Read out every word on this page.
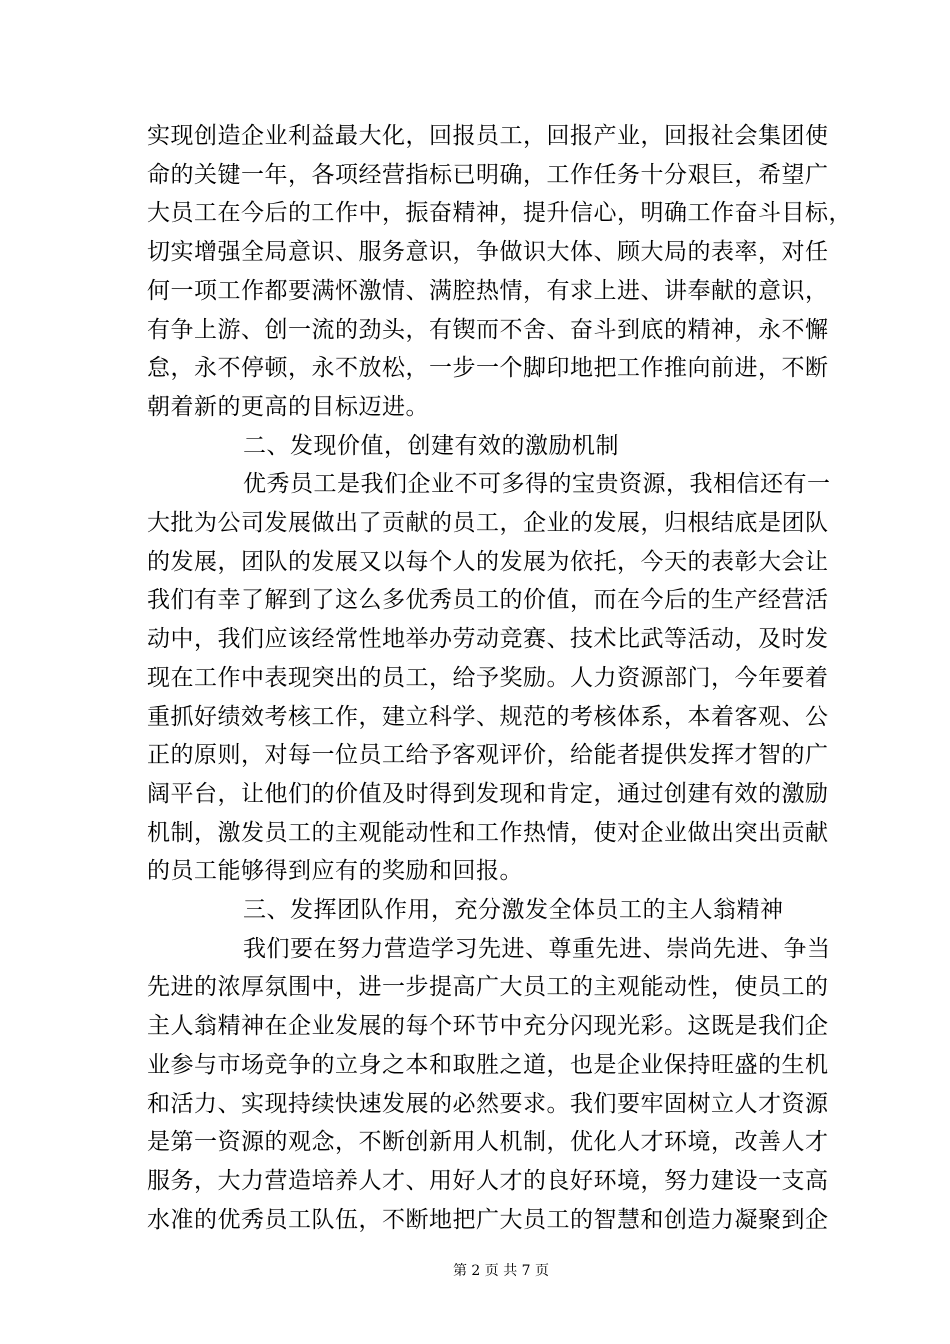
实现创造企业利益最大化，回报员工，回报产业，回报社会集团使
命的关键一年，各项经营指标已明确，工作任务十分艰巨，希望广
大员工在今后的工作中，振奋精神，提升信心，明确工作奋斗目标，
切实增强全局意识、服务意识，争做识大体、顾大局的表率，对任
何一项工作都要满怀激情、满腔热情，有求上进、讲奉献的意识，
有争上游、创一流的劲头，有锲而不舍、奋斗到底的精神，永不懈
怠，永不停顿，永不放松，一步一个脚印地把工作推向前进，不断
朝着新的更高的目标迈进。
二、发现价值，创建有效的激励机制
优秀员工是我们企业不可多得的宝贵资源，我相信还有一
大批为公司发展做出了贡献的员工，企业的发展，归根结底是团队
的发展，团队的发展又以每个人的发展为依托，今天的表彰大会让
我们有幸了解到了这么多优秀员工的价值，而在今后的生产经营活
动中，我们应该经常性地举办劳动竞赛、技术比武等活动，及时发
现在工作中表现突出的员工，给予奖励。人力资源部门，今年要着
重抓好绩效考核工作，建立科学、规范的考核体系，本着客观、公
正的原则，对每一位员工给予客观评价，给能者提供发挥才智的广
阔平台，让他们的价值及时得到发现和肯定，通过创建有效的激励
机制，激发员工的主观能动性和工作热情，使对企业做出突出贡献
的员工能够得到应有的奖励和回报。
三、发挥团队作用，充分激发全体员工的主人翁精神
我们要在努力营造学习先进、尊重先进、崇尚先进、争当
先进的浓厚氛围中，进一步提高广大员工的主观能动性，使员工的
主人翁精神在企业发展的每个环节中充分闪现光彩。这既是我们企
业参与市场竞争的立身之本和取胜之道，也是企业保持旺盛的生机
和活力、实现持续快速发展的必然要求。我们要牢固树立人才资源
是第一资源的观念，不断创新用人机制，优化人才环境，改善人才
服务，大力营造培养人才、用好人才的良好环境，努力建设一支高
第 2 页 共 7 页
水准的优秀员工队伍，不断地把广大员工的智慧和创造力凝聚到企
